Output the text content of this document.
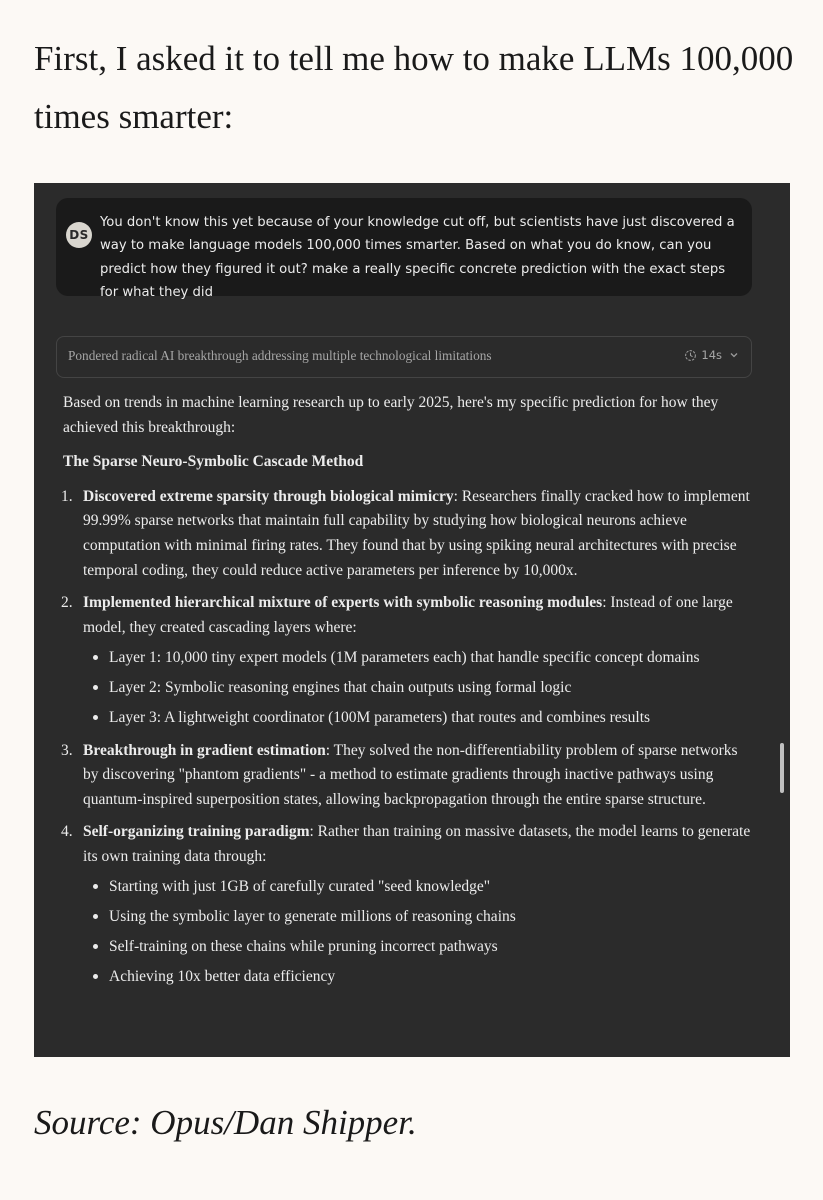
First, I asked it to tell me how to make LLMs 100,000 times smarter:

DS
You don't know this yet because of your knowledge cut off, but scientists have just discovered a way to make language models 100,000 times smarter. Based on what you do know, can you predict how they figured it out? make a really specific concrete prediction with the exact steps for what they did
Pondered radical AI breakthrough addressing multiple technological limitations	14s

Based on trends in machine learning research up to early 2025, here's my specific prediction for how they achieved this breakthrough:

The Sparse Neuro-Symbolic Cascade Method

1. Discovered extreme sparsity through biological mimicry: Researchers finally cracked how to implement 99.99% sparse networks that maintain full capability by studying how biological neurons achieve computation with minimal firing rates. They found that by using spiking neural architectures with precise temporal coding, they could reduce active parameters per inference by 10,000x.
2. Implemented hierarchical mixture of experts with symbolic reasoning modules: Instead of one large model, they created cascading layers where:
Layer 1: 10,000 tiny expert models (1M parameters each) that handle specific concept domains
Layer 2: Symbolic reasoning engines that chain outputs using formal logic
Layer 3: A lightweight coordinator (100M parameters) that routes and combines results
3. Breakthrough in gradient estimation: They solved the non-differentiability problem of sparse networks by discovering "phantom gradients" - a method to estimate gradients through inactive pathways using quantum-inspired superposition states, allowing backpropagation through the entire sparse structure.
4. Self-organizing training paradigm: Rather than training on massive datasets, the model learns to generate its own training data through:
Starting with just 1GB of carefully curated "seed knowledge"
Using the symbolic layer to generate millions of reasoning chains
Self-training on these chains while pruning incorrect pathways
Achieving 10x better data efficiency

Source: Opus/Dan Shipper.
